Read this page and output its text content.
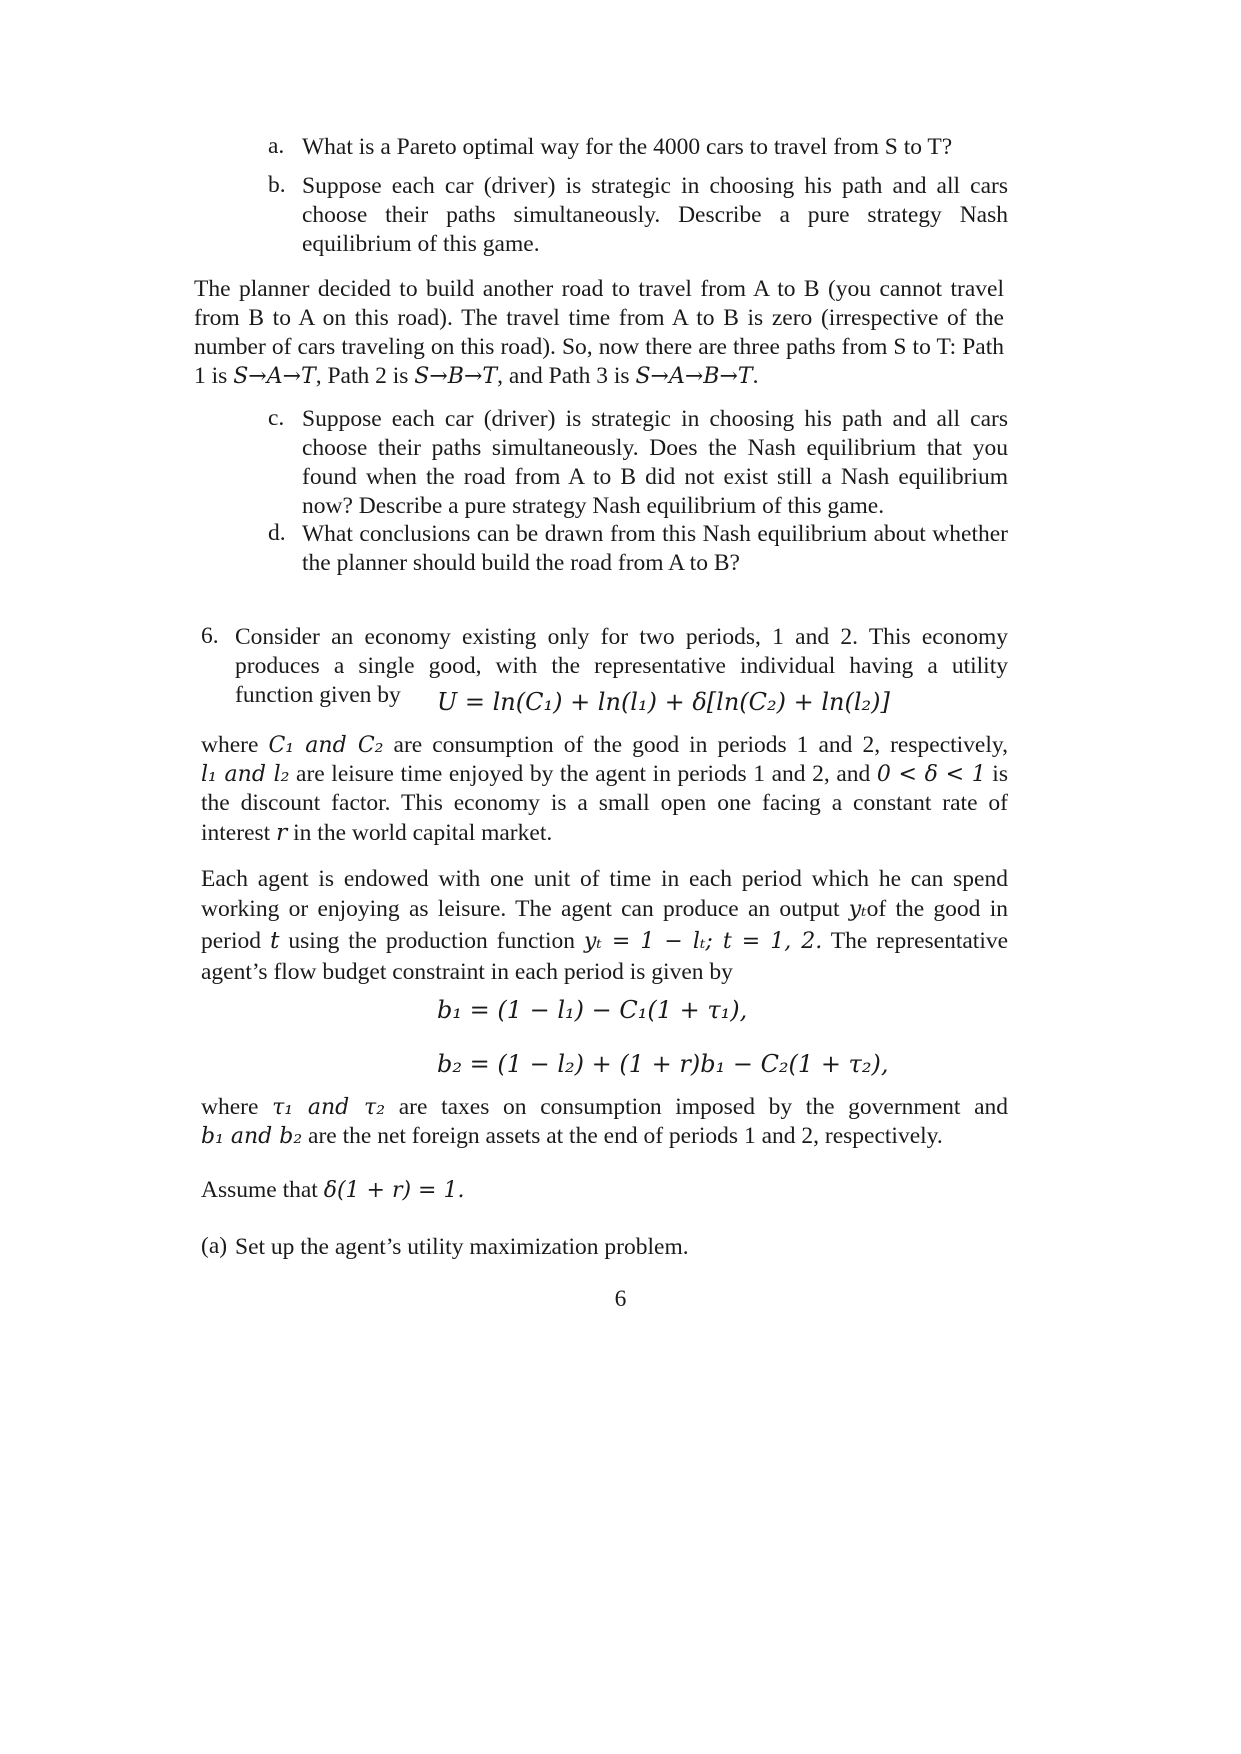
a. What is a Pareto optimal way for the 4000 cars to travel from S to T?
b. Suppose each car (driver) is strategic in choosing his path and all cars choose their paths simultaneously. Describe a pure strategy Nash equilibrium of this game.
The planner decided to build another road to travel from A to B (you cannot travel from B to A on this road). The travel time from A to B is zero (irrespective of the number of cars traveling on this road). So, now there are three paths from S to T: Path 1 is S→A→T, Path 2 is S→B→T, and Path 3 is S→A→B→T.
c. Suppose each car (driver) is strategic in choosing his path and all cars choose their paths simultaneously. Does the Nash equilibrium that you found when the road from A to B did not exist still a Nash equilibrium now? Describe a pure strategy Nash equilibrium of this game.
d. What conclusions can be drawn from this Nash equilibrium about whether the planner should build the road from A to B?
6. Consider an economy existing only for two periods, 1 and 2. This economy produces a single good, with the representative individual having a utility function given by	U = ln(C₁) + ln(l₁) + δ[ln(C₂) + ln(l₂)]
where C₁ and C₂ are consumption of the good in periods 1 and 2, respectively, l₁ and l₂ are leisure time enjoyed by the agent in periods 1 and 2, and 0 < δ < 1 is the discount factor. This economy is a small open one facing a constant rate of interest r in the world capital market.
Each agent is endowed with one unit of time in each period which he can spend working or enjoying as leisure. The agent can produce an output yₜof the good in period t using the production function yₜ = 1 − lₜ; t = 1, 2. The representative agent’s flow budget constraint in each period is given by
b₁ = (1 − l₁) − C₁(1 + τ₁),
b₂ = (1 − l₂) + (1 + r)b₁ − C₂(1 + τ₂),
where τ₁ and τ₂ are taxes on consumption imposed by the government and b₁ and b₂ are the net foreign assets at the end of periods 1 and 2, respectively.
Assume that δ(1 + r) = 1.
(a) Set up the agent’s utility maximization problem.
6
